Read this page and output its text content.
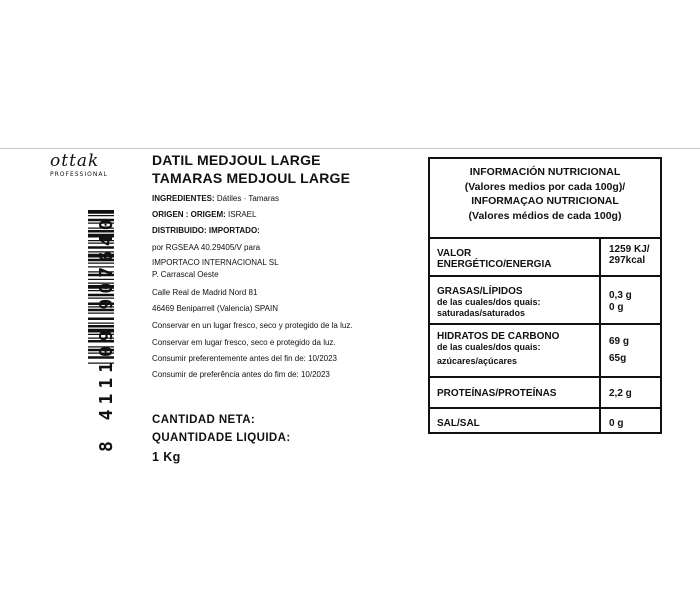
ottak
PROFESSIONAL
8 411109 907640
DATIL MEDJOUL LARGE
TAMARAS MEDJOUL LARGE
INGREDIENTES: Dátiles · Tamaras
ORIGEN : ORIGEM: ISRAEL
DISTRIBUIDO: IMPORTADO:
por RGSEAA 40.29405/V para
IMPORTACO INTERNACIONAL SL
P. Carrascal Oeste
Calle Real de Madrid Nord 81
46469 Beniparrell (Valencia) SPAIN
Conservar en un lugar fresco, seco y protegido de la luz.
Conservar em lugar fresco, seco e protegido da luz.
Consumir preferentemente antes del fin de: 10/2023
Consumir de preferência antes do fim de: 10/2023
CANTIDAD NETA:
QUANTIDADE LIQUIDA:
1 Kg
INFORMACIÓN NUTRICIONAL
(Valores medios por cada 100g)/
INFORMAÇAO NUTRICIONAL
(Valores médios de cada 100g)
VALOR
ENERGÉTICO/ENERGIA
1259 KJ/
297kcal
GRASAS/LÍPIDOS
de las cuales/dos quais:
saturadas/saturados
0,3 g
0 g
HIDRATOS DE CARBONO
de las cuales/dos quais:
azúcares/açúcares
69 g
65g
PROTEÍNAS/PROTEÍNAS	2,2 g
SAL/SAL	0 g
